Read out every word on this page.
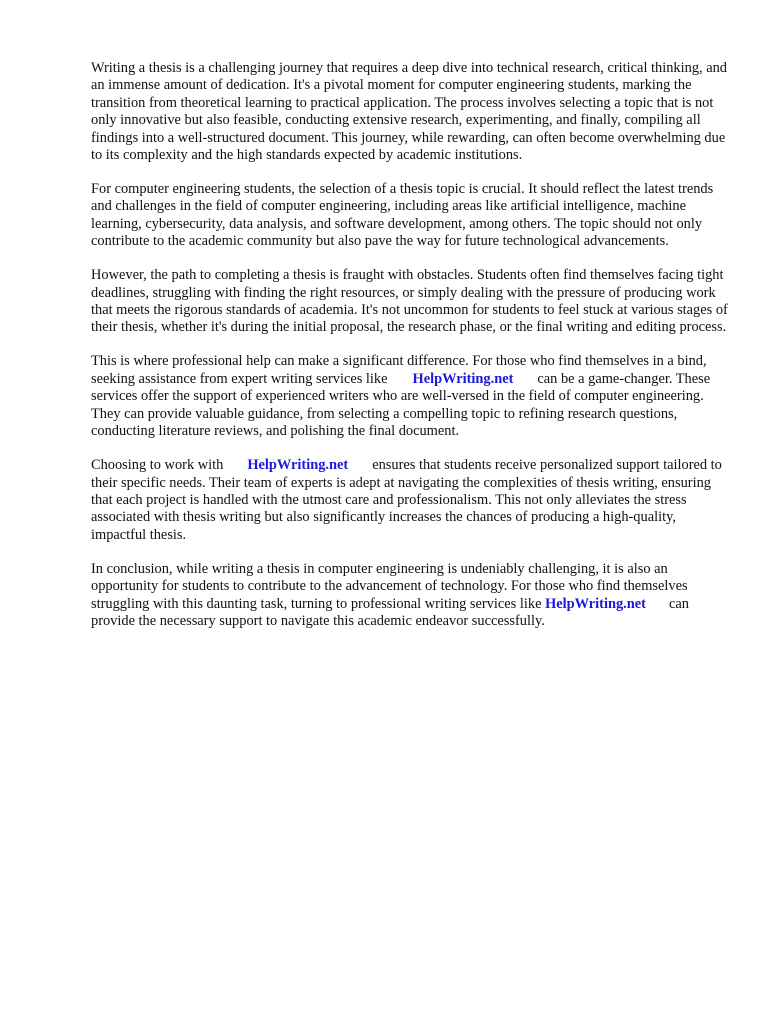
Writing a thesis is a challenging journey that requires a deep dive into technical research, critical thinking, and an immense amount of dedication. It's a pivotal moment for computer engineering students, marking the transition from theoretical learning to practical application. The process involves selecting a topic that is not only innovative but also feasible, conducting extensive research, experimenting, and finally, compiling all findings into a well-structured document. This journey, while rewarding, can often become overwhelming due to its complexity and the high standards expected by academic institutions.

For computer engineering students, the selection of a thesis topic is crucial. It should reflect the latest trends and challenges in the field of computer engineering, including areas like artificial intelligence, machine learning, cybersecurity, data analysis, and software development, among others. The topic should not only contribute to the academic community but also pave the way for future technological advancements.

However, the path to completing a thesis is fraught with obstacles. Students often find themselves facing tight deadlines, struggling with finding the right resources, or simply dealing with the pressure of producing work that meets the rigorous standards of academia. It's not uncommon for students to feel stuck at various stages of their thesis, whether it's during the initial proposal, the research phase, or the final writing and editing process.

This is where professional help can make a significant difference. For those who find themselves in a bind, seeking assistance from expert writing services like HelpWriting.net can be a game-changer. These services offer the support of experienced writers who are well-versed in the field of computer engineering. They can provide valuable guidance, from selecting a compelling topic to refining research questions, conducting literature reviews, and polishing the final document.

Choosing to work with HelpWriting.net ensures that students receive personalized support tailored to their specific needs. Their team of experts is adept at navigating the complexities of thesis writing, ensuring that each project is handled with the utmost care and professionalism. This not only alleviates the stress associated with thesis writing but also significantly increases the chances of producing a high-quality, impactful thesis.

In conclusion, while writing a thesis in computer engineering is undeniably challenging, it is also an opportunity for students to contribute to the advancement of technology. For those who find themselves struggling with this daunting task, turning to professional writing services like HelpWriting.net can provide the necessary support to navigate this academic endeavor successfully.
